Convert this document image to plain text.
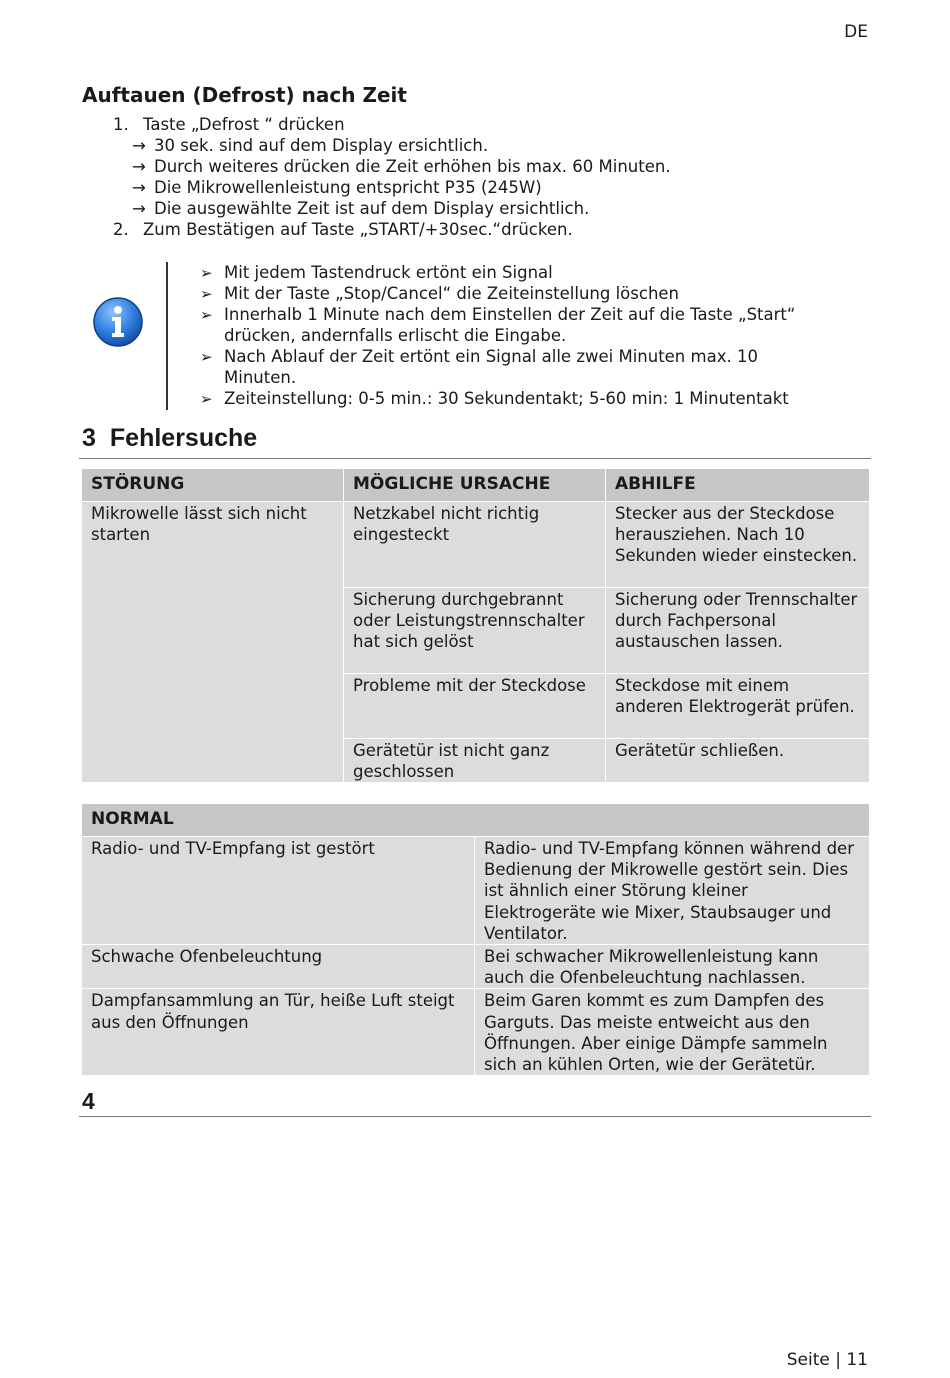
DE
Auftauen (Defrost) nach Zeit
1. Taste „Defrost “ drücken
→ 30 sek. sind auf dem Display ersichtlich.
→ Durch weiteres drücken die Zeit erhöhen bis max. 60 Minuten.
→ Die Mikrowellenleistung entspricht P35 (245W)
→ Die ausgewählte Zeit ist auf dem Display ersichtlich.
2. Zum Bestätigen auf Taste „START/+30sec.“drücken.
➢ Mit jedem Tastendruck ertönt ein Signal
➢ Mit der Taste „Stop/Cancel“ die Zeiteinstellung löschen
➢ Innerhalb 1 Minute nach dem Einstellen der Zeit auf die Taste „Start“
drücken, andernfalls erlischt die Eingabe.
➢ Nach Ablauf der Zeit ertönt ein Signal alle zwei Minuten max. 10
Minuten.
➢ Zeiteinstellung: 0-5 min.: 30 Sekundentakt; 5-60 min: 1 Minutentakt
3 Fehlersuche
STÖRUNG	MÖGLICHE URSACHE	ABHILFE
Mikrowelle lässt sich nicht starten	Netzkabel nicht richtig eingesteckt	Stecker aus der Steckdose herausziehen. Nach 10 Sekunden wieder einstecken.
	Sicherung durchgebrannt oder Leistungstrennschalter hat sich gelöst	Sicherung oder Trennschalter durch Fachpersonal austauschen lassen.
	Probleme mit der Steckdose	Steckdose mit einem anderen Elektrogerät prüfen.
	Gerätetür ist nicht ganz geschlossen	Gerätetür schließen.
NORMAL	
Radio- und TV-Empfang ist gestört	Radio- und TV-Empfang können während der Bedienung der Mikrowelle gestört sein. Dies ist ähnlich einer Störung kleiner Elektrogeräte wie Mixer, Staubsauger und Ventilator.
Schwache Ofenbeleuchtung	Bei schwacher Mikrowellenleistung kann auch die Ofenbeleuchtung nachlassen.
Dampfansammlung an Tür, heiße Luft steigt aus den Öffnungen	Beim Garen kommt es zum Dampfen des Garguts. Das meiste entweicht aus den Öffnungen. Aber einige Dämpfe sammeln sich an kühlen Orten, wie der Gerätetür.
4
Seite | 11
